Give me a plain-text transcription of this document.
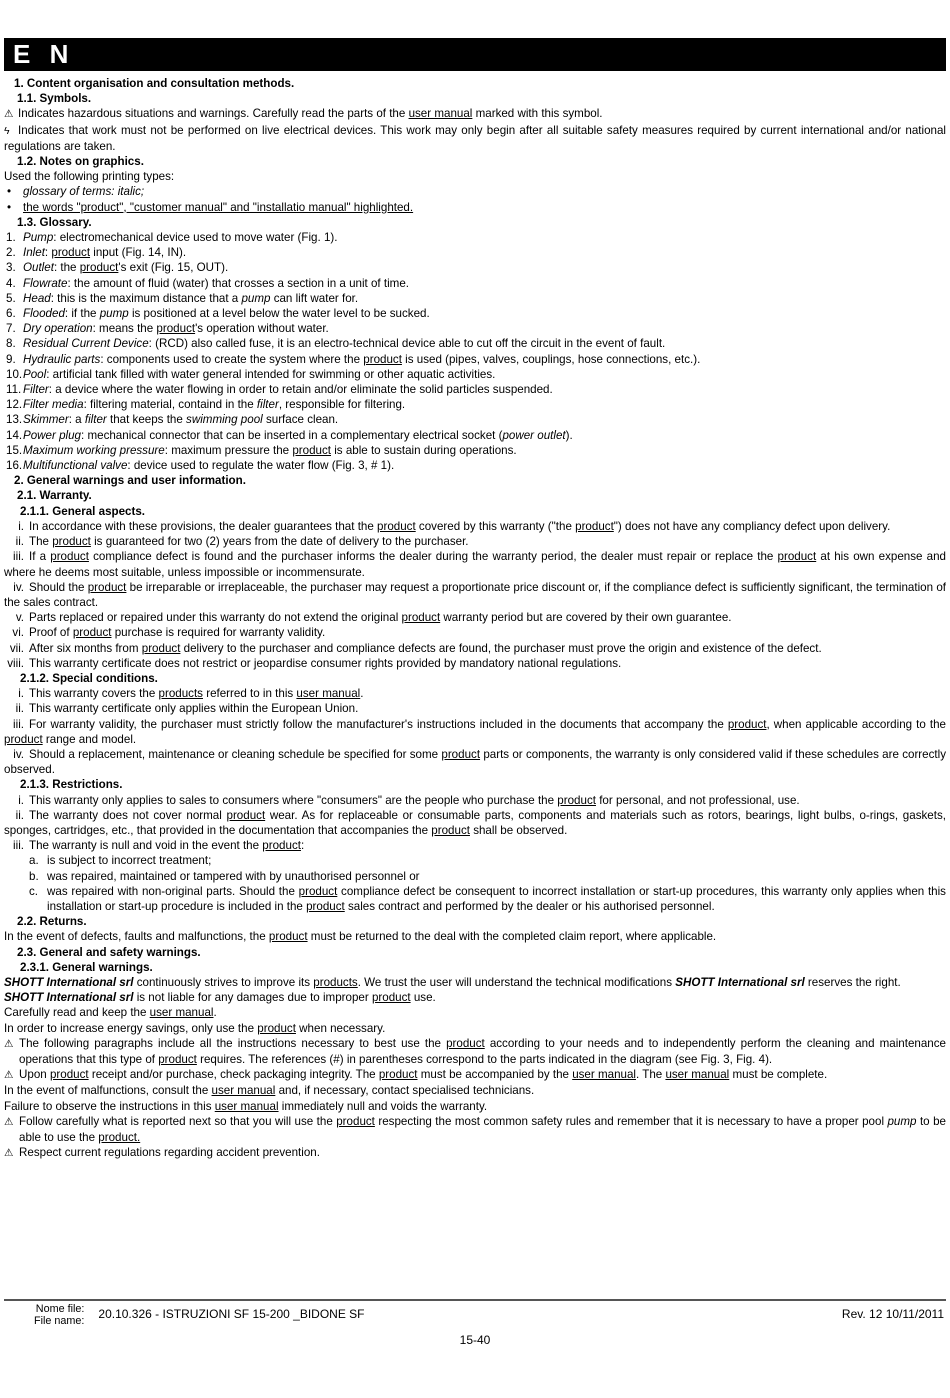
E N
1. Content organisation and consultation methods.
1.1. Symbols.
⚠ Indicates hazardous situations and warnings. Carefully read the parts of the user manual marked with this symbol.
ϟ Indicates that work must not be performed on live electrical devices. This work may only begin after all suitable safety measures required by current international and/or national regulations are taken.
1.2. Notes on graphics.
Used the following printing types:
• glossary of terms: italic;
• the words "product", "customer manual" and "installatio manual" highlighted.
1.3. Glossary.
1. Pump: electromechanical device used to move water (Fig. 1).
2. Inlet: product input (Fig. 14, IN).
3. Outlet: the product's exit (Fig. 15, OUT).
4. Flowrate: the amount of fluid (water) that crosses a section in a unit of time.
5. Head: this is the maximum distance that a pump can lift water for.
6. Flooded: if the pump is positioned at a level below the water level to be sucked.
7. Dry operation: means the product's operation without water.
8. Residual Current Device: (RCD) also called fuse, it is an electro-technical device able to cut off the circuit in the event of fault.
9. Hydraulic parts: components used to create the system where the product is used (pipes, valves, couplings, hose connections, etc.).
10.Pool: artificial tank filled with water general intended for swimming or other aquatic activities.
11. Filter: a device where the water flowing in order to retain and/or eliminate the solid particles suspended.
12.Filter media: filtering material, containd in the filter, responsible for filtering.
13.Skimmer: a filter that keeps the swimming pool surface clean.
14.Power plug: mechanical connector that can be inserted in a complementary electrical socket (power outlet).
15.Maximum working pressure: maximum pressure the product is able to sustain during operations.
16.Multifunctional valve: device used to regulate the water flow (Fig. 3, # 1).
2. General warnings and user information.
2.1. Warranty.
2.1.1. General aspects.
i. In accordance with these provisions, the dealer guarantees that the product covered by this warranty ("the product") does not have any compliancy defect upon delivery.
ii. The product is guaranteed for two (2) years from the date of delivery to the purchaser.
iii. If a product compliance defect is found and the purchaser informs the dealer during the warranty period, the dealer must repair or replace the product at his own expense and where he deems most suitable, unless impossible or incommensurate.
iv. Should the product be irreparable or irreplaceable, the purchaser may request a proportionate price discount or, if the compliance defect is sufficiently significant, the termination of the sales contract.
v. Parts replaced or repaired under this warranty do not extend the original product warranty period but are covered by their own guarantee.
vi. Proof of product purchase is required for warranty validity.
vii. After six months from product delivery to the purchaser and compliance defects are found, the purchaser must prove the origin and existence of the defect.
viii. This warranty certificate does not restrict or jeopardise consumer rights provided by mandatory national regulations.
2.1.2. Special conditions.
i. This warranty covers the products referred to in this user manual.
ii. This warranty certificate only applies within the European Union.
iii. For warranty validity, the purchaser must strictly follow the manufacturer's instructions included in the documents that accompany the product, when applicable according to the product range and model.
iv. Should a replacement, maintenance or cleaning schedule be specified for some product parts or components, the warranty is only considered valid if these schedules are correctly observed.
2.1.3. Restrictions.
i. This warranty only applies to sales to consumers where "consumers" are the people who purchase the product for personal, and not professional, use.
ii. The warranty does not cover normal product wear. As for replaceable or consumable parts, components and materials such as rotors, bearings, light bulbs, o-rings, gaskets, sponges, cartridges, etc., that provided in the documentation that accompanies the product shall be observed.
iii. The warranty is null and void in the event the product:
a. is subject to incorrect treatment;
b. was repaired, maintained or tampered with by unauthorised personnel or
c. was repaired with non-original parts. Should the product compliance defect be consequent to incorrect installation or start-up procedures, this warranty only applies when this installation or start-up procedure is included in the product sales contract and performed by the dealer or his authorised personnel.
2.2. Returns.
In the event of defects, faults and malfunctions, the product must be returned to the deal with the completed claim report, where applicable.
2.3. General and safety warnings.
2.3.1. General warnings.
SHOTT International srl continuously strives to improve its products. We trust the user will understand the technical modifications SHOTT International srl reserves the right.
SHOTT International srl is not liable for any damages due to improper product use.
Carefully read and keep the user manual.
In order to increase energy savings, only use the product when necessary.
⚠ The following paragraphs include all the instructions necessary to best use the product according to your needs and to independently perform the cleaning and maintenance operations that this type of product requires. The references (#) in parentheses correspond to the parts indicated in the diagram (see Fig. 3, Fig. 4).
⚠ Upon product receipt and/or purchase, check packaging integrity. The product must be accompanied by the user manual. The user manual must be complete.
In the event of malfunctions, consult the user manual and, if necessary, contact specialised technicians.
Failure to observe the instructions in this user manual immediately null and voids the warranty.
⚠ Follow carefully what is reported next so that you will use the product respecting the most common safety rules and remember that it is necessary to have a proper pool pump to be able to use the product.
⚠ Respect current regulations regarding accident prevention.
Nome file:
File name:	20.10.326 - ISTRUZIONI SF 15-200 _BIDONE SF	Rev. 12 10/11/2011
15-40
